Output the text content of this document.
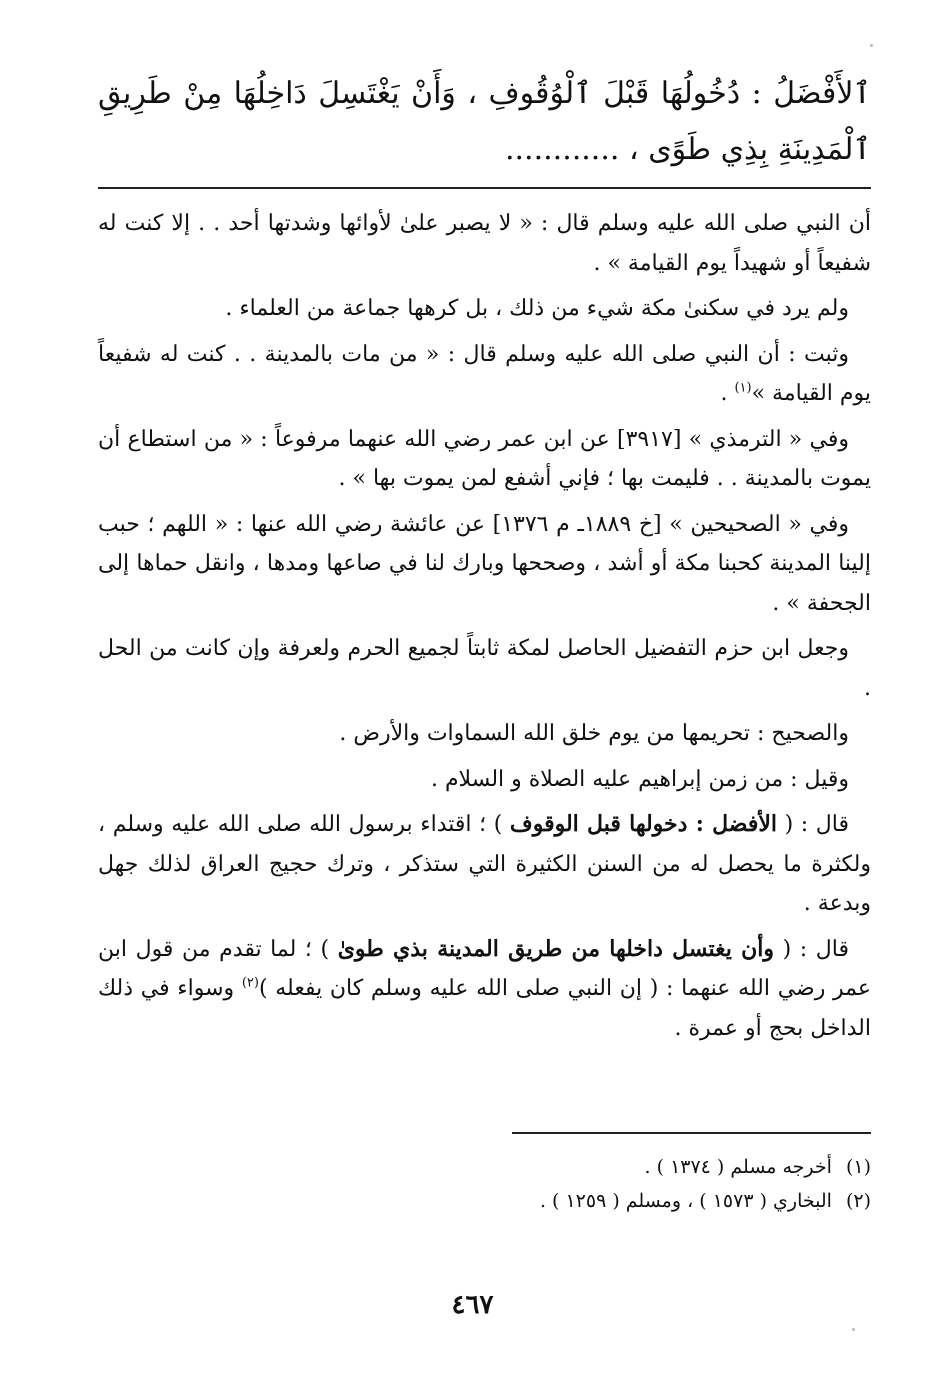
ٱلأَفْضَلُ : دُخُولُهَا قَبْلَ ٱلْوُقُوفِ ، وَأَنْ يَغْتَسِلَ دَاخِلُهَا مِنْ طَرِيقِ ٱلْمَدِينَةِ بِذِي طَوًى ، ............

أن النبي صلى الله عليه وسلم قال : « لا يصبر علىٰ لأوائها وشدتها أحد . . إلا كنت له شفيعاً أو شهيداً يوم القيامة » .

ولم يرد في سكنىٰ مكة شيء من ذلك ، بل كرهها جماعة من العلماء .

وثبت : أن النبي صلى الله عليه وسلم قال : « من مات بالمدينة . . كنت له شفيعاً يوم القيامة »$^{(١)}$ .

وفي « الترمذي » [٣٩١٧] عن ابن عمر رضي الله عنهما مرفوعاً : « من استطاع أن يموت بالمدينة . . فليمت بها ؛ فإني أشفع لمن يموت بها » .

وفي « الصحيحين » [خ ١٨٨٩ـ م ١٣٧٦] عن عائشة رضي الله عنها : « اللهم ؛ حبب إلينا المدينة كحبنا مكة أو أشد ، وصححها وبارك لنا في صاعها ومدها ، وانقل حماها إلى الجحفة » .

وجعل ابن حزم التفضيل الحاصل لمكة ثابتاً لجميع الحرم ولعرفة وإن كانت من الحل .

والصحيح : تحريمها من يوم خلق الله السماوات والأرض .

وقيل : من زمن إبراهيم عليه الصلاة و السلام .

قال : ( الأفضل : دخولها قبل الوقوف ) ؛ اقتداء برسول الله صلى الله عليه وسلم ، ولكثرة ما يحصل له من السنن الكثيرة التي ستذكر ، وترك حجيج العراق لذلك جهل وبدعة .

قال : ( وأن يغتسل داخلها من طريق المدينة بذي طوىٰ ) ؛ لما تقدم من قول ابن عمر رضي الله عنهما : ( إن النبي صلى الله عليه وسلم كان يفعله )$^{(٢)}$ وسواء في ذلك الداخل بحج أو عمرة .

(١)أخرجه مسلم ( ١٣٧٤ ) .
(٢)البخاري ( ١٥٧٣ ) ، ومسلم ( ١٢٥٩ ) .
٤٦٧
